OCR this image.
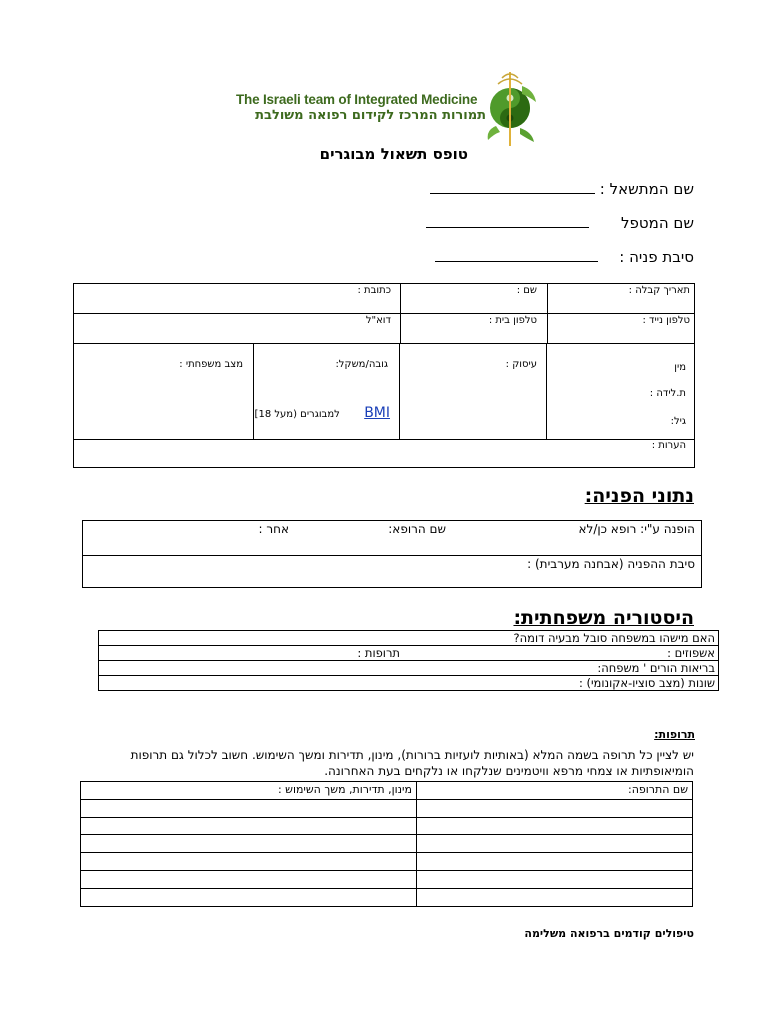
The Israeli team of Integrated Medicine
תמורות המרכז לקידום רפואה משולבת
טופס תשאול מבוגרים
שם המתשאל :
שם המטפל
סיבת פניה :
תאריך קבלה :
שם :
כתובת :
טלפון נייד :
טלפון בית :
דוא"ל
מין
ת.לידה :
גיל:
עיסוק :
גובה/משקל:
BMI  למבוגרים (מעל 18]
מצב משפחתי :
הערות :
נתוני הפניה:
הופנה ע"י: רופא כן/לא
שם הרופא:
אחר :
סיבת ההפניה (אבחנה מערבית) :
היסטוריה משפחתית:
האם מישהו במשפחה סובל מבעיה דומה?
אשפוזים :
תרופות :
בריאות הורים ' משפחה:
שונות (מצב סוציו-אקונומי) :
תרופות:
יש לציין כל תרופה בשמה המלא (באותיות לועזיות ברורות), מינון, תדירות ומשך השימוש. חשוב לכלול גם תרופות הומיאופתיות או צמחי מרפא וויטמינים שנלקחו או נלקחים בעת האחרונה.
שם התרופה:
מינון, תדירות, משך השימוש :
טיפולים קודמים ברפואה משלימה
